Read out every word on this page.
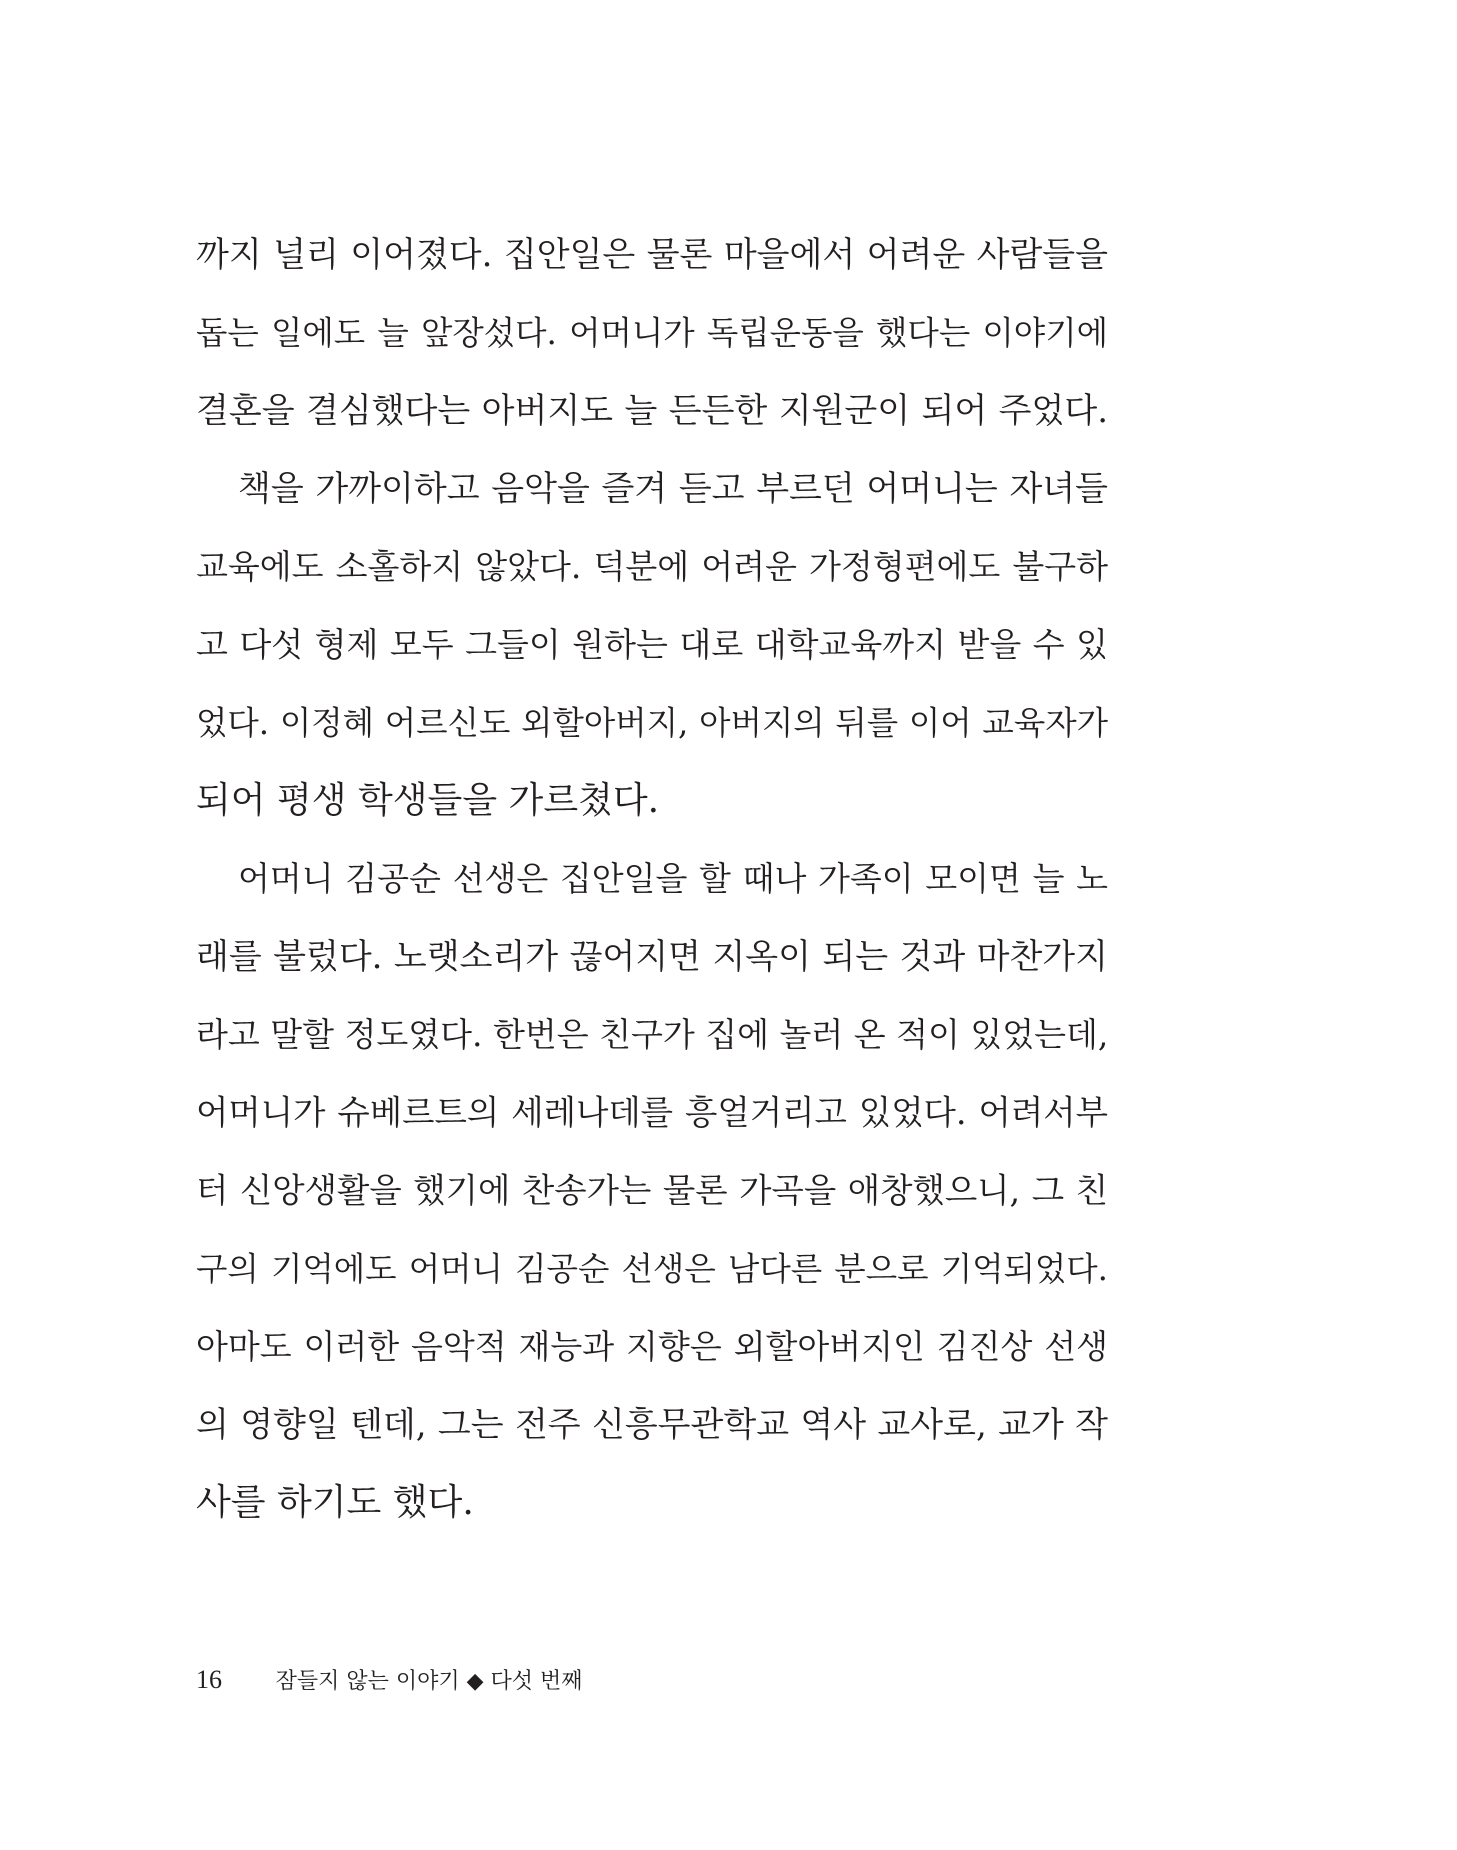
까지 널리 이어졌다. 집안일은 물론 마을에서 어려운 사람들을
돕는 일에도 늘 앞장섰다. 어머니가 독립운동을 했다는 이야기에
결혼을 결심했다는 아버지도 늘 든든한 지원군이 되어 주었다.
책을 가까이하고 음악을 즐겨 듣고 부르던 어머니는 자녀들
교육에도 소홀하지 않았다. 덕분에 어려운 가정형편에도 불구하
고 다섯 형제 모두 그들이 원하는 대로 대학교육까지 받을 수 있
었다. 이정혜 어르신도 외할아버지, 아버지의 뒤를 이어 교육자가
되어 평생 학생들을 가르쳤다.
어머니 김공순 선생은 집안일을 할 때나 가족이 모이면 늘 노
래를 불렀다. 노랫소리가 끊어지면 지옥이 되는 것과 마찬가지
라고 말할 정도였다. 한번은 친구가 집에 놀러 온 적이 있었는데,
어머니가 슈베르트의 세레나데를 흥얼거리고 있었다. 어려서부
터 신앙생활을 했기에 찬송가는 물론 가곡을 애창했으니, 그 친
구의 기억에도 어머니 김공순 선생은 남다른 분으로 기억되었다.
아마도 이러한 음악적 재능과 지향은 외할아버지인 김진상 선생
의 영향일 텐데, 그는 전주 신흥무관학교 역사 교사로, 교가 작
사를 하기도 했다.
16 잠들지 않는 이야기 ◆ 다섯 번째
